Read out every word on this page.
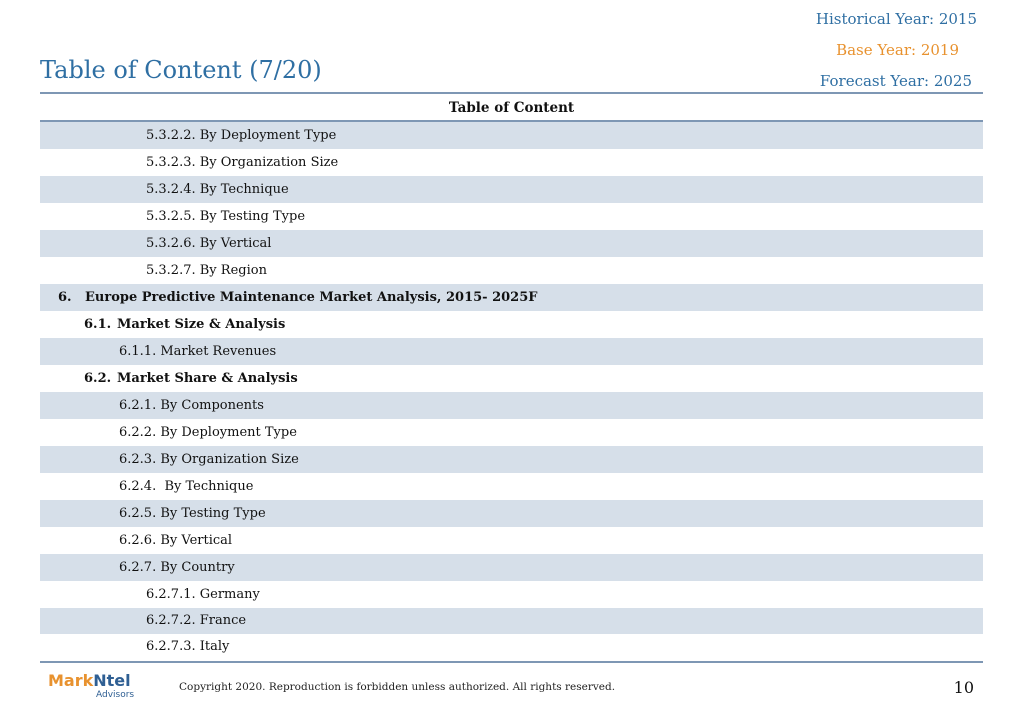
Historical Year: 2015
Base Year: 2019
Forecast Year: 2025
Table of Content (7/20)
Table of Content
5.3.2.2. By Deployment Type
5.3.2.3. By Organization Size
5.3.2.4. By Technique
5.3.2.5. By Testing Type
5.3.2.6. By Vertical
5.3.2.7. By Region
6. Europe Predictive Maintenance Market Analysis, 2015- 2025F
6.1. Market Size & Analysis
6.1.1. Market Revenues
6.2. Market Share & Analysis
6.2.1. By Components
6.2.2. By Deployment Type
6.2.3. By Organization Size
6.2.4.  By Technique
6.2.5. By Testing Type
6.2.6. By Vertical
6.2.7. By Country
6.2.7.1. Germany
6.2.7.2. France
6.2.7.3. Italy
MarkNtel
Advisors
Copyright 2020. Reproduction is forbidden unless authorized. All rights reserved.	10
